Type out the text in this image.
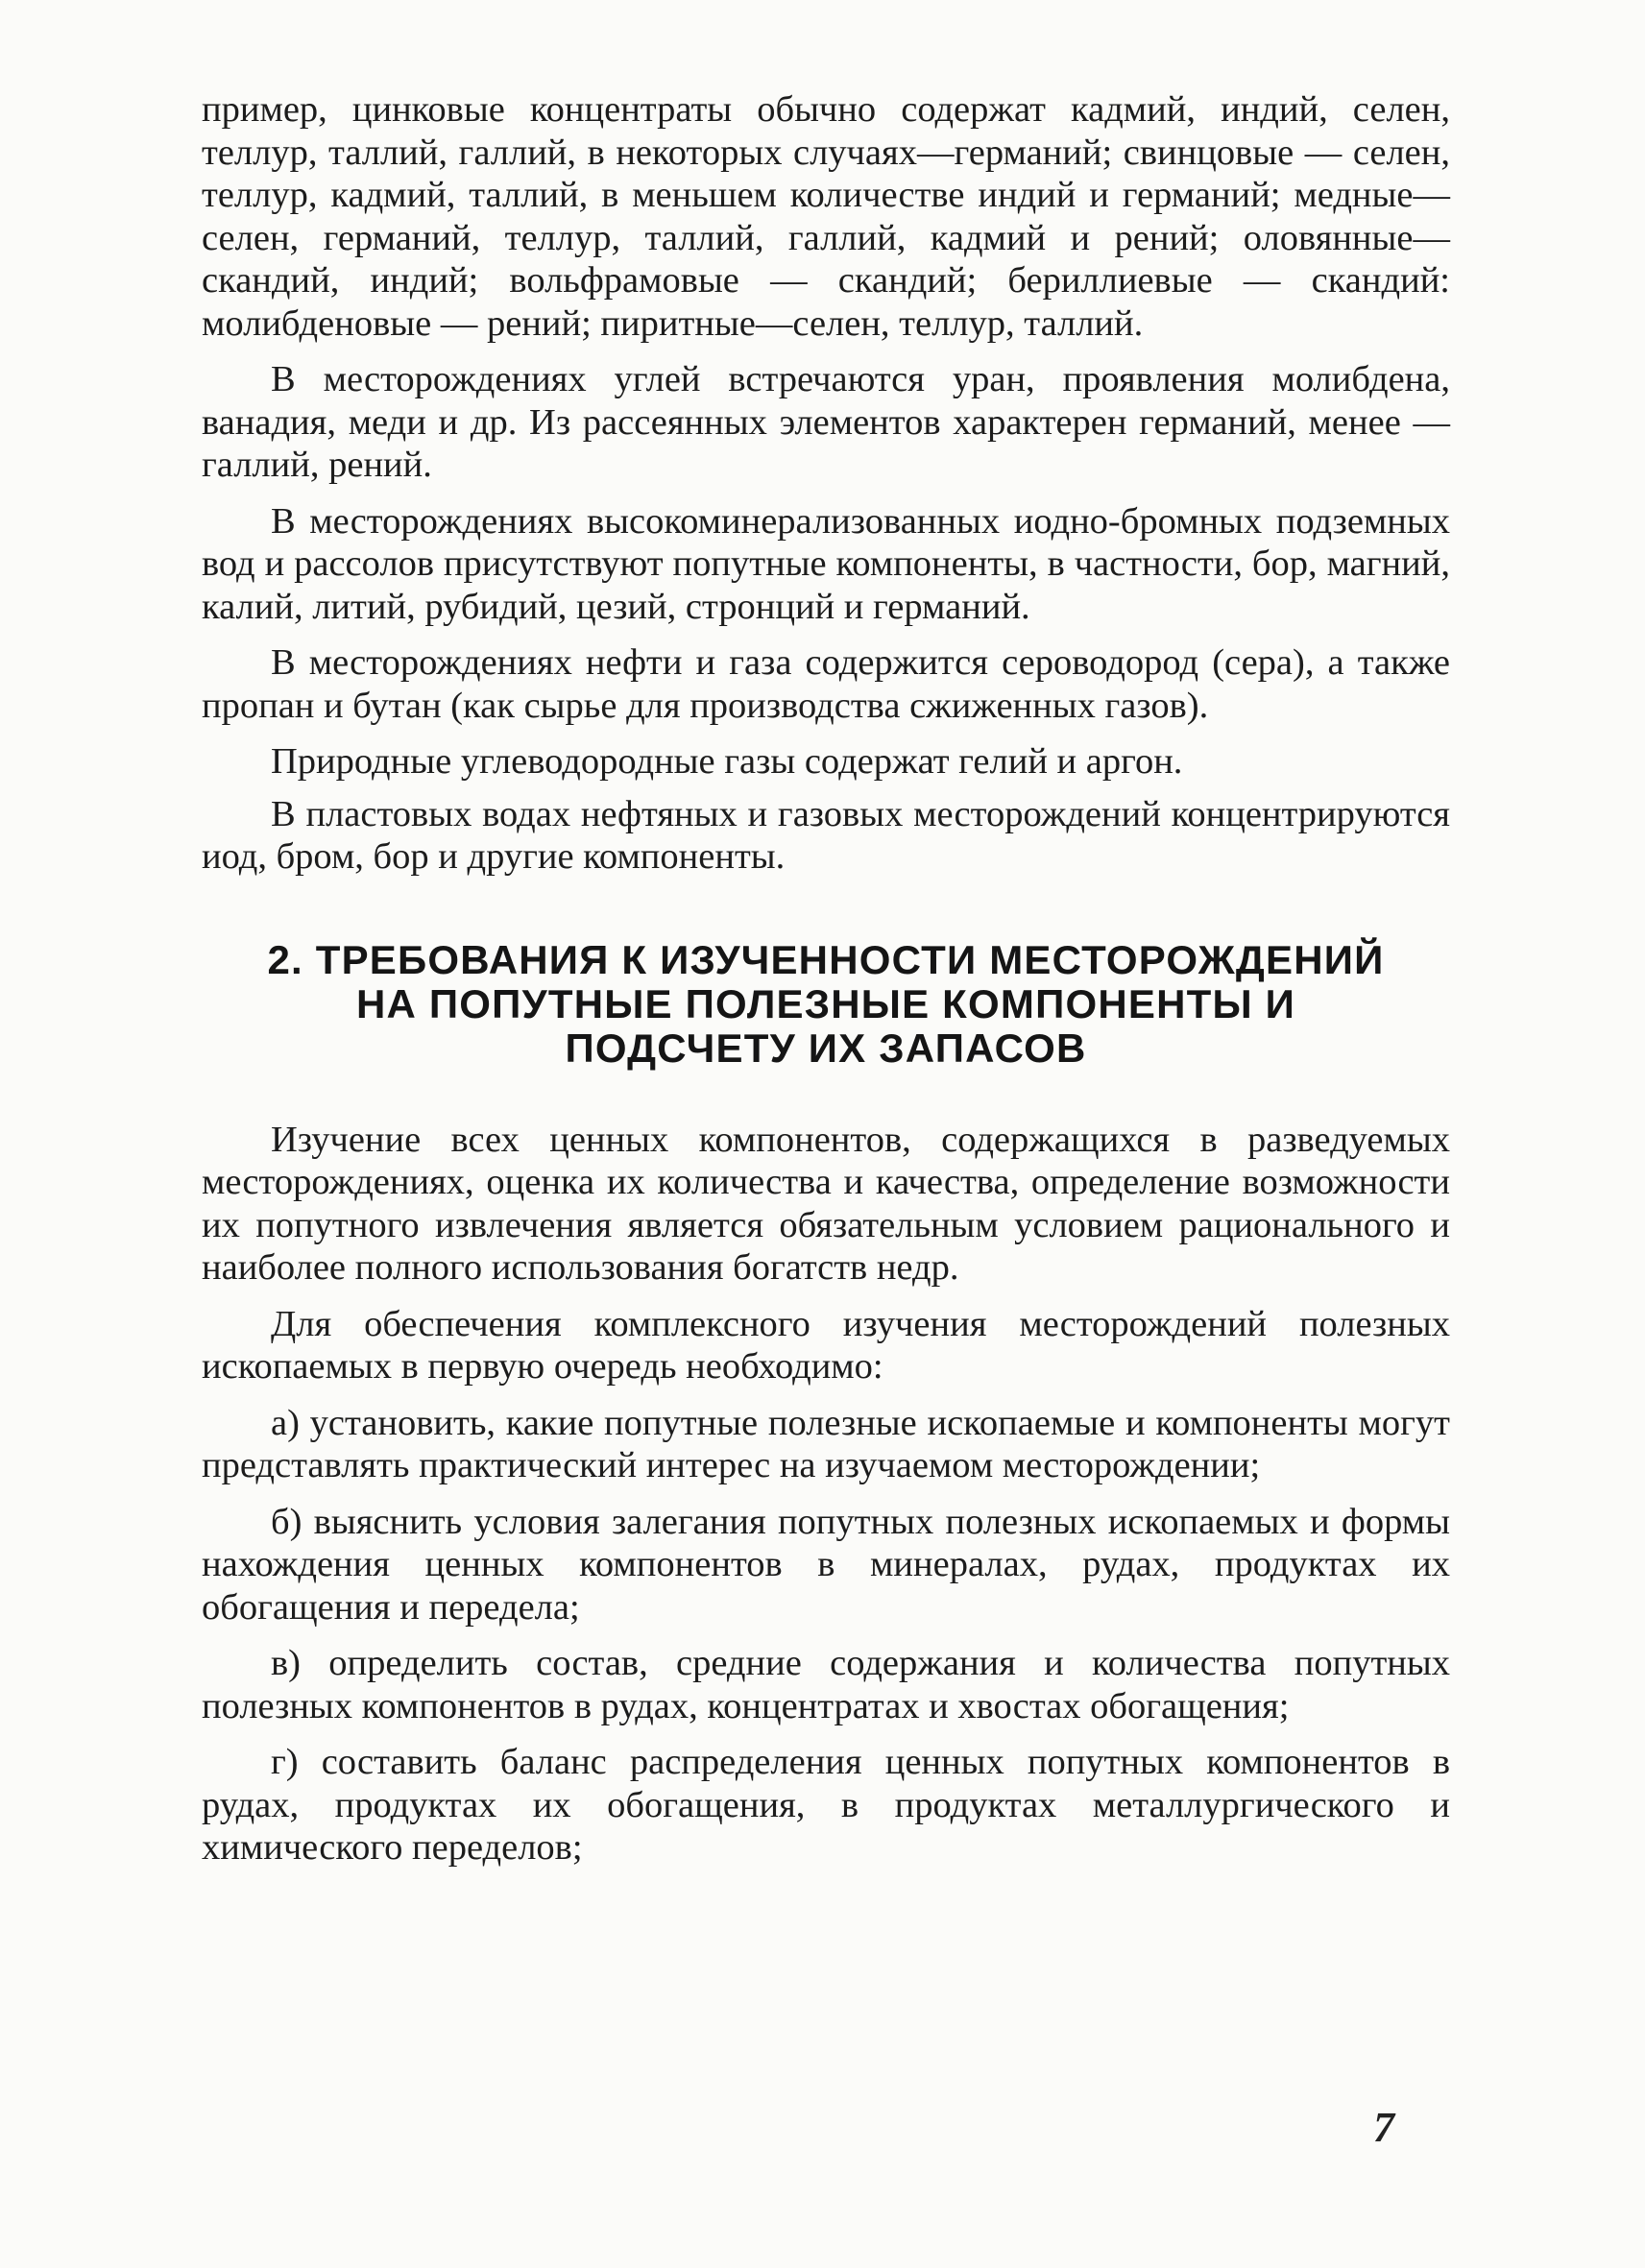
пример, цинковые концентраты обычно содержат кадмий, индий, селен, теллур, таллий, галлий, в некоторых случаях—германий; свинцовые — селен, теллур, кадмий, таллий, в меньшем количестве индий и германий; медные—селен, германий, теллур, таллий, галлий, кадмий и рений; оловянные—скандий, индий; вольфрамовые — скандий; бериллиевые — скандий: молибденовые — рений; пиритные—селен, теллур, таллий.

В месторождениях углей встречаются уран, проявления молибдена, ванадия, меди и др. Из рассеянных элементов характерен германий, менее — галлий, рений.

В месторождениях высокоминерализованных иодно-бромных подземных вод и рассолов присутствуют попутные компоненты, в частности, бор, магний, калий, литий, рубидий, цезий, стронций и германий.

В месторождениях нефти и газа содержится сероводород (сера), а также пропан и бутан (как сырье для производства сжиженных газов).

Природные углеводородные газы содержат гелий и аргон.

В пластовых водах нефтяных и газовых месторождений концентрируются иод, бром, бор и другие компоненты.

2. ТРЕБОВАНИЯ К ИЗУЧЕННОСТИ МЕСТОРОЖДЕНИЙ
НА ПОПУТНЫЕ ПОЛЕЗНЫЕ КОМПОНЕНТЫ И
ПОДСЧЕТУ ИХ ЗАПАСОВ

Изучение всех ценных компонентов, содержащихся в разведуемых месторождениях, оценка их количества и качества, определение возможности их попутного извлечения является обязательным условием рационального и наиболее полного использования богатств недр.

Для обеспечения комплексного изучения месторождений полезных ископаемых в первую очередь необходимо:

а) установить, какие попутные полезные ископаемые и компоненты могут представлять практический интерес на изучаемом месторождении;

б) выяснить условия залегания попутных полезных ископаемых и формы нахождения ценных компонентов в минералах, рудах, продуктах их обогащения и передела;

в) определить состав, средние содержания и количества попутных полезных компонентов в рудах, концентратах и хвостах обогащения;

г) составить баланс распределения ценных попутных компонентов в рудах, продуктах их обогащения, в продуктах металлургического и химического переделов;

7
